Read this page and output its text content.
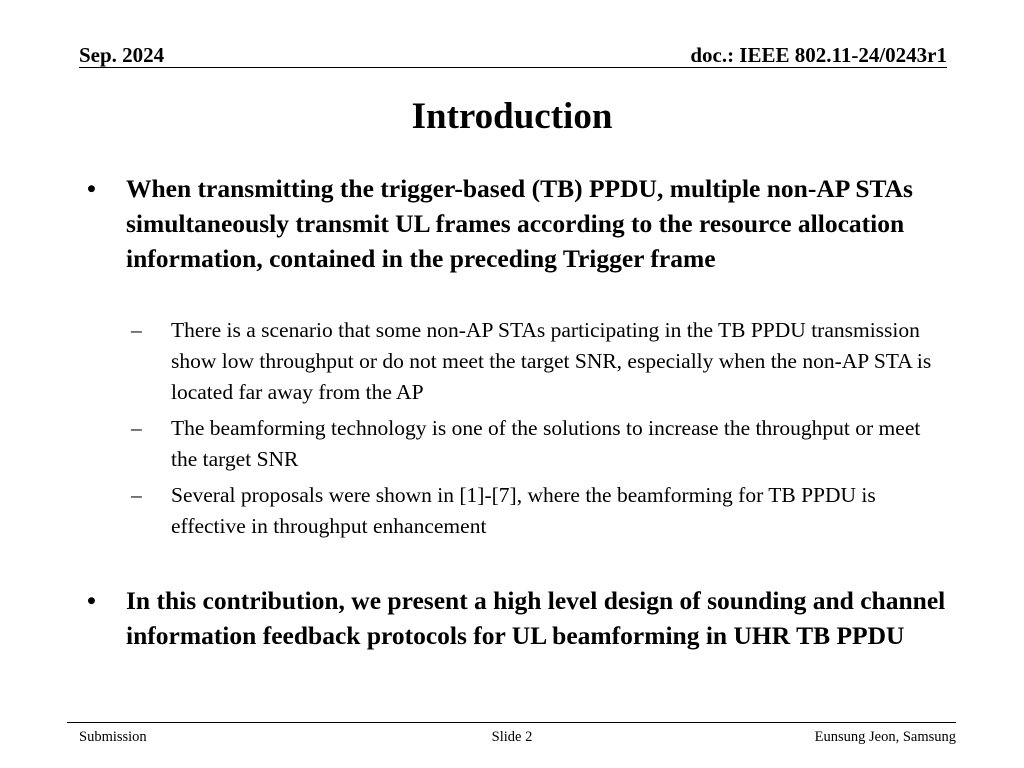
Sep. 2024	doc.: IEEE 802.11-24/0243r1
Introduction
• When transmitting the trigger-based (TB) PPDU, multiple non-AP STAs simultaneously transmit UL frames according to the resource allocation information, contained in the preceding Trigger frame
– There is a scenario that some non-AP STAs participating in the TB PPDU transmission show low throughput or do not meet the target SNR, especially when the non-AP STA is located far away from the AP
– The beamforming technology is one of the solutions to increase the throughput or meet the target SNR
– Several proposals were shown in [1]-[7], where the beamforming for TB PPDU is effective in throughput enhancement
• In this contribution, we present a high level design of sounding and channel information feedback protocols for UL beamforming in UHR TB PPDU
Submission	Slide 2	Eunsung Jeon, Samsung
